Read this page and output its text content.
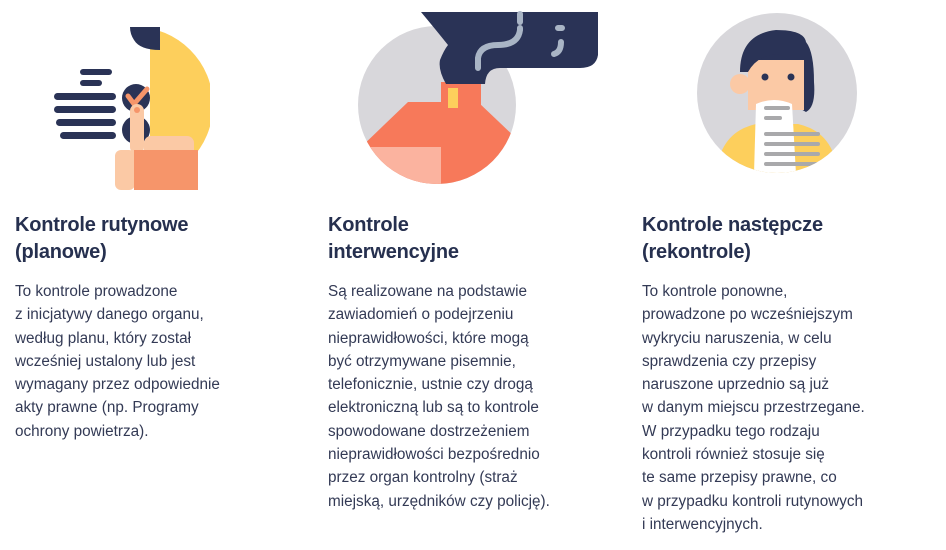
Kontrole rutynowe
(planowe)

To kontrole prowadzone
z inicjatywy danego organu,
według planu, który został
wcześniej ustalony lub jest
wymagany przez odpowiednie
akty prawne (np. Programy
ochrony powietrza).

Kontrole
interwencyjne

Są realizowane na podstawie
zawiadomień o podejrzeniu
nieprawidłowości, które mogą
być otrzymywane pisemnie,
telefonicznie, ustnie czy drogą
elektroniczną lub są to kontrole
spowodowane dostrzeżeniem
nieprawidłowości bezpośrednio
przez organ kontrolny (straż
miejską, urzędników czy policję).

Kontrole następcze
(rekontrole)

To kontrole ponowne,
prowadzone po wcześniejszym
wykryciu naruszenia, w celu
sprawdzenia czy przepisy
naruszone uprzednio są już
w danym miejscu przestrzegane.
W przypadku tego rodzaju
kontroli również stosuje się
te same przepisy prawne, co
w przypadku kontroli rutynowych
i interwencyjnych.
